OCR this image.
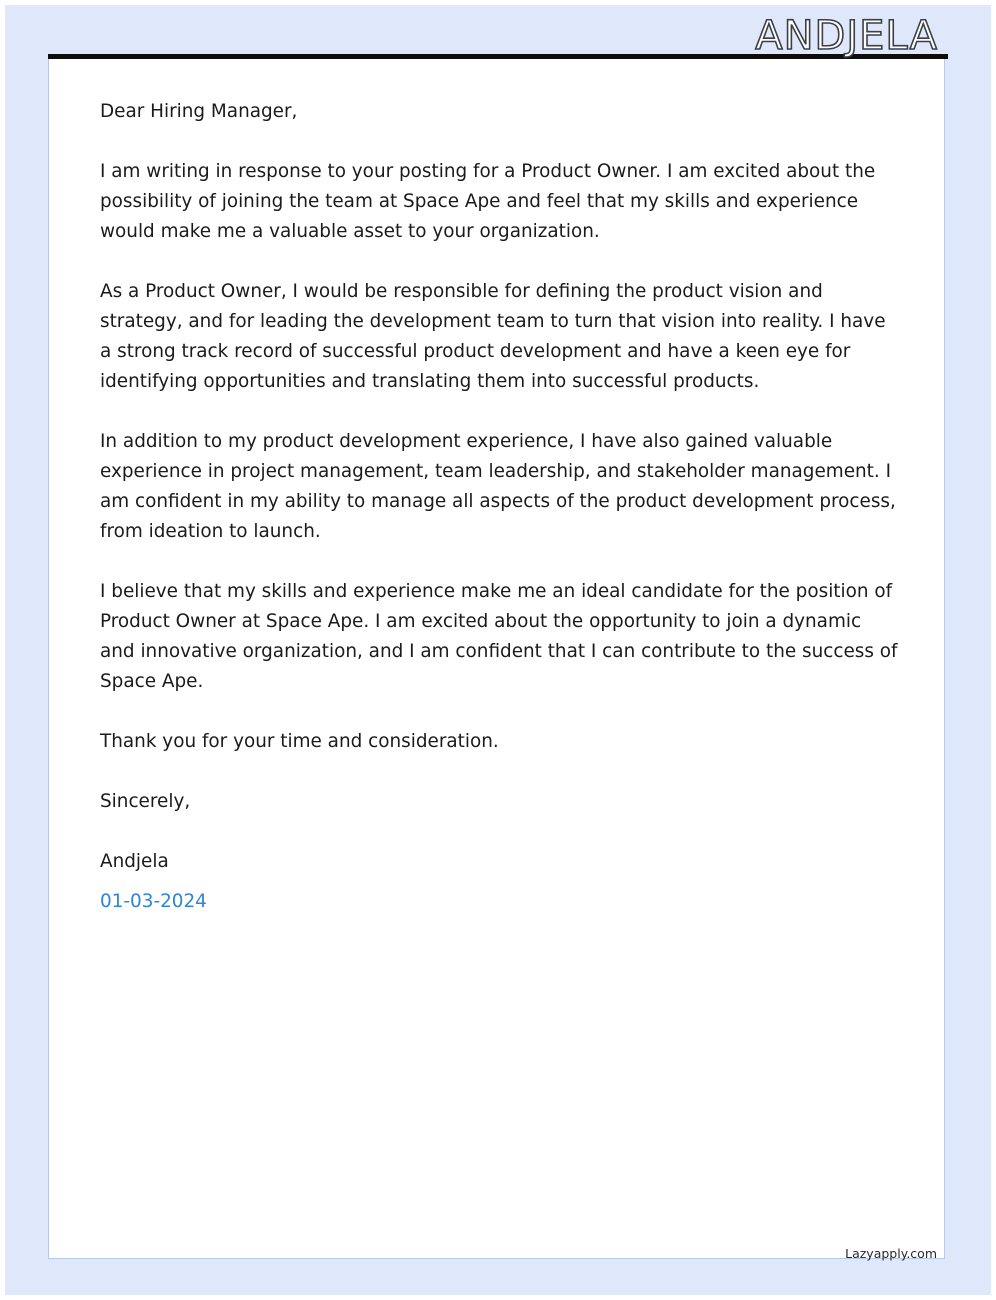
ANDJELA

Dear Hiring Manager,

I am writing in response to your posting for a Product Owner. I am excited about the possibility of joining the team at Space Ape and feel that my skills and experience would make me a valuable asset to your organization.

As a Product Owner, I would be responsible for defining the product vision and strategy, and for leading the development team to turn that vision into reality. I have a strong track record of successful product development and have a keen eye for identifying opportunities and translating them into successful products.

In addition to my product development experience, I have also gained valuable experience in project management, team leadership, and stakeholder management. I am confident in my ability to manage all aspects of the product development process, from ideation to launch.

I believe that my skills and experience make me an ideal candidate for the position of Product Owner at Space Ape. I am excited about the opportunity to join a dynamic and innovative organization, and I am confident that I can contribute to the success of Space Ape.

Thank you for your time and consideration.

Sincerely,

Andjela

01-03-2024

Lazyapply.com
